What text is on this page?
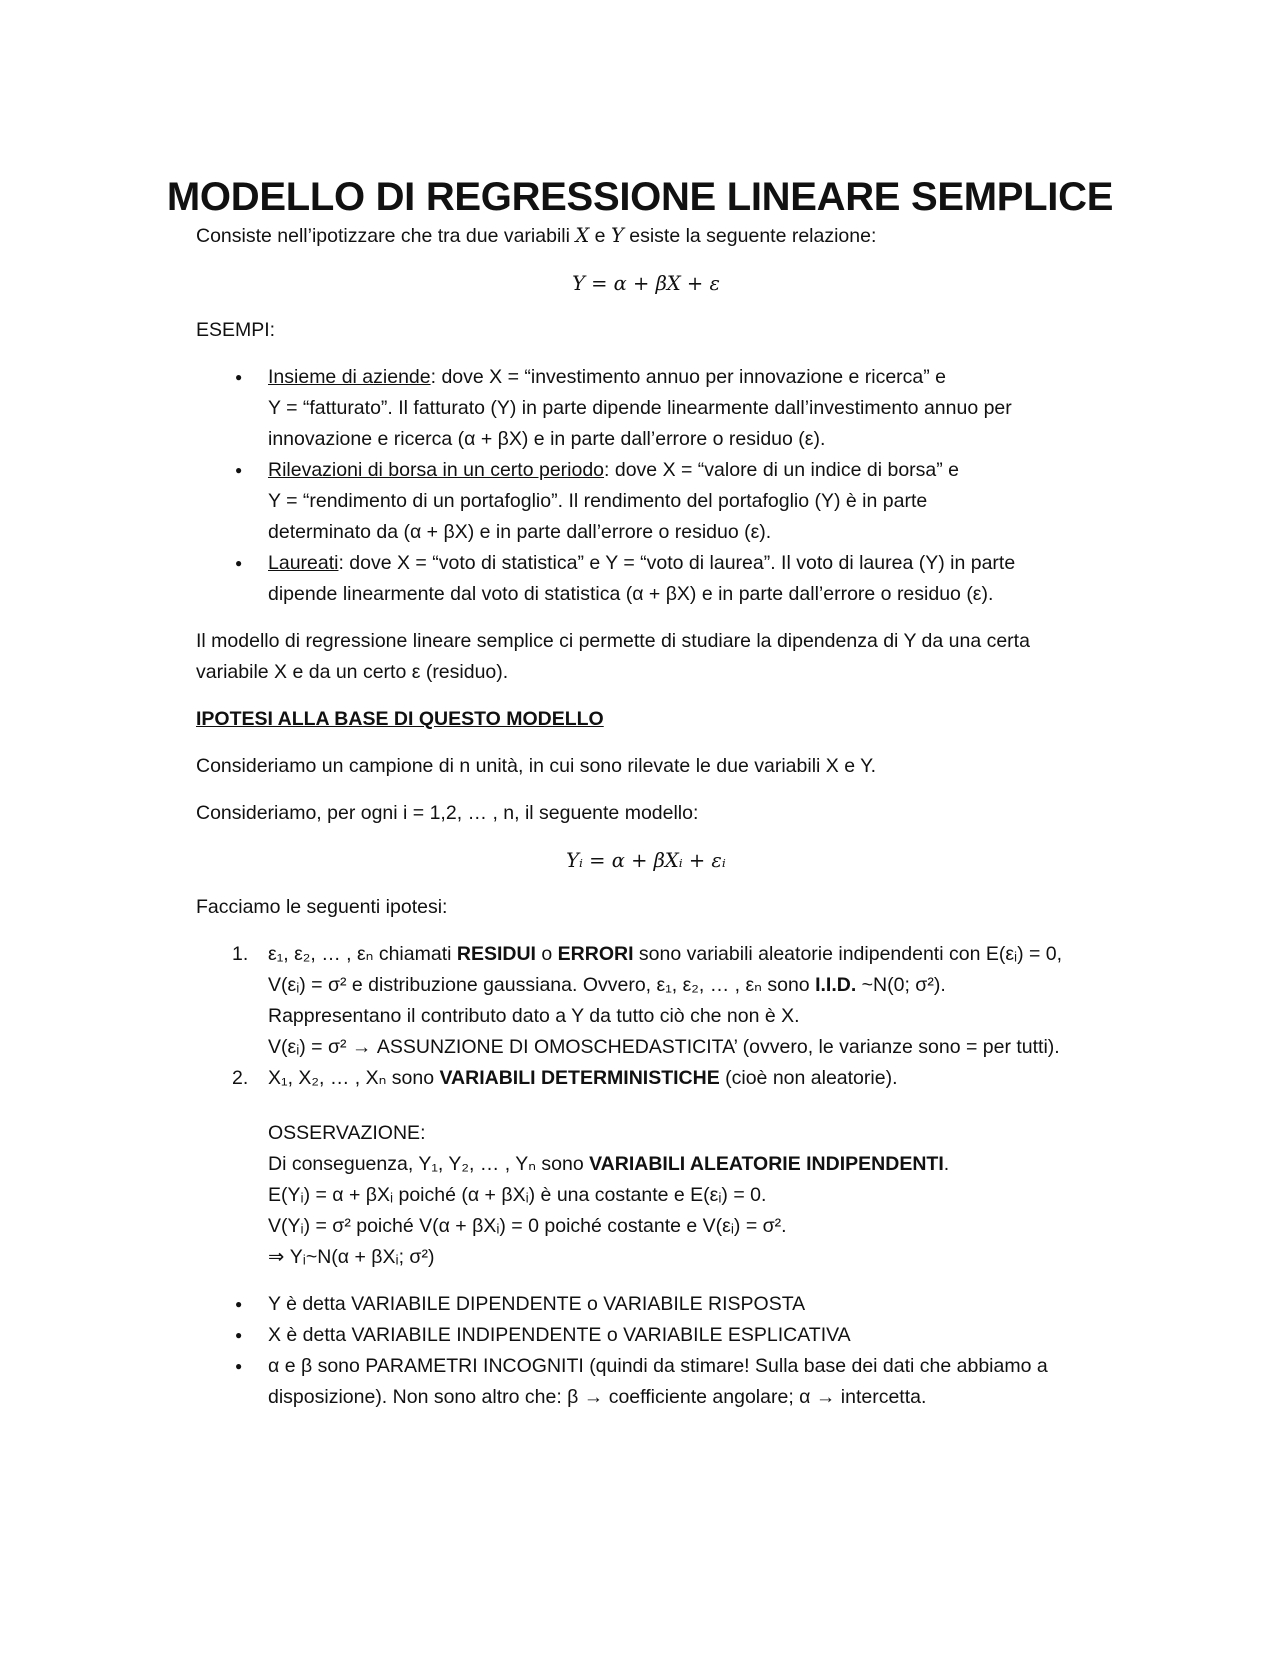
MODELLO DI REGRESSIONE LINEARE SEMPLICE

Consiste nell’ipotizzare che tra due variabili X e Y esiste la seguente relazione:

Y = α + βX + ε

ESEMPI:

● Insieme di aziende: dove X = “investimento annuo per innovazione e ricerca” e
Y = “fatturato”. Il fatturato (Y) in parte dipende linearmente dall’investimento annuo per
innovazione e ricerca (α + βX) e in parte dall’errore o residuo (ε).
● Rilevazioni di borsa in un certo periodo: dove X = “valore di un indice di borsa” e
Y = “rendimento di un portafoglio”. Il rendimento del portafoglio (Y) è in parte
determinato da (α + βX) e in parte dall’errore o residuo (ε).
● Laureati: dove X = “voto di statistica” e Y = “voto di laurea”. Il voto di laurea (Y) in parte
dipende linearmente dal voto di statistica (α + βX) e in parte dall’errore o residuo (ε).

Il modello di regressione lineare semplice ci permette di studiare la dipendenza di Y da una certa
variabile X e da un certo ε (residuo).

IPOTESI ALLA BASE DI QUESTO MODELLO

Consideriamo un campione di n unità, in cui sono rilevate le due variabili X e Y.

Consideriamo, per ogni i = 1,2, … , n, il seguente modello:

Yᵢ = α + βXᵢ + εᵢ

Facciamo le seguenti ipotesi:

1. ε₁, ε₂, … , εₙ chiamati RESIDUI o ERRORI sono variabili aleatorie indipendenti con E(εᵢ) = 0,
V(εᵢ) = σ² e distribuzione gaussiana. Ovvero, ε₁, ε₂, … , εₙ sono I.I.D. ~N(0; σ²).
Rappresentano il contributo dato a Y da tutto ciò che non è X.
V(εᵢ) = σ² → ASSUNZIONE DI OMOSCHEDASTICITA’ (ovvero, le varianze sono = per tutti).
2. X₁, X₂, … , Xₙ sono VARIABILI DETERMINISTICHE (cioè non aleatorie).
OSSERVAZIONE:
Di conseguenza, Y₁, Y₂, … , Yₙ sono VARIABILI ALEATORIE INDIPENDENTI.
E(Yᵢ) = α + βXᵢ poiché (α + βXᵢ) è una costante e E(εᵢ) = 0.
V(Yᵢ) = σ² poiché V(α + βXᵢ) = 0 poiché costante e V(εᵢ) = σ².
⇒ Yᵢ~N(α + βXᵢ; σ²)
● Y è detta VARIABILE DIPENDENTE o VARIABILE RISPOSTA
● X è detta VARIABILE INDIPENDENTE o VARIABILE ESPLICATIVA
● α e β sono PARAMETRI INCOGNITI (quindi da stimare! Sulla base dei dati che abbiamo a
disposizione). Non sono altro che: β → coefficiente angolare; α → intercetta.
